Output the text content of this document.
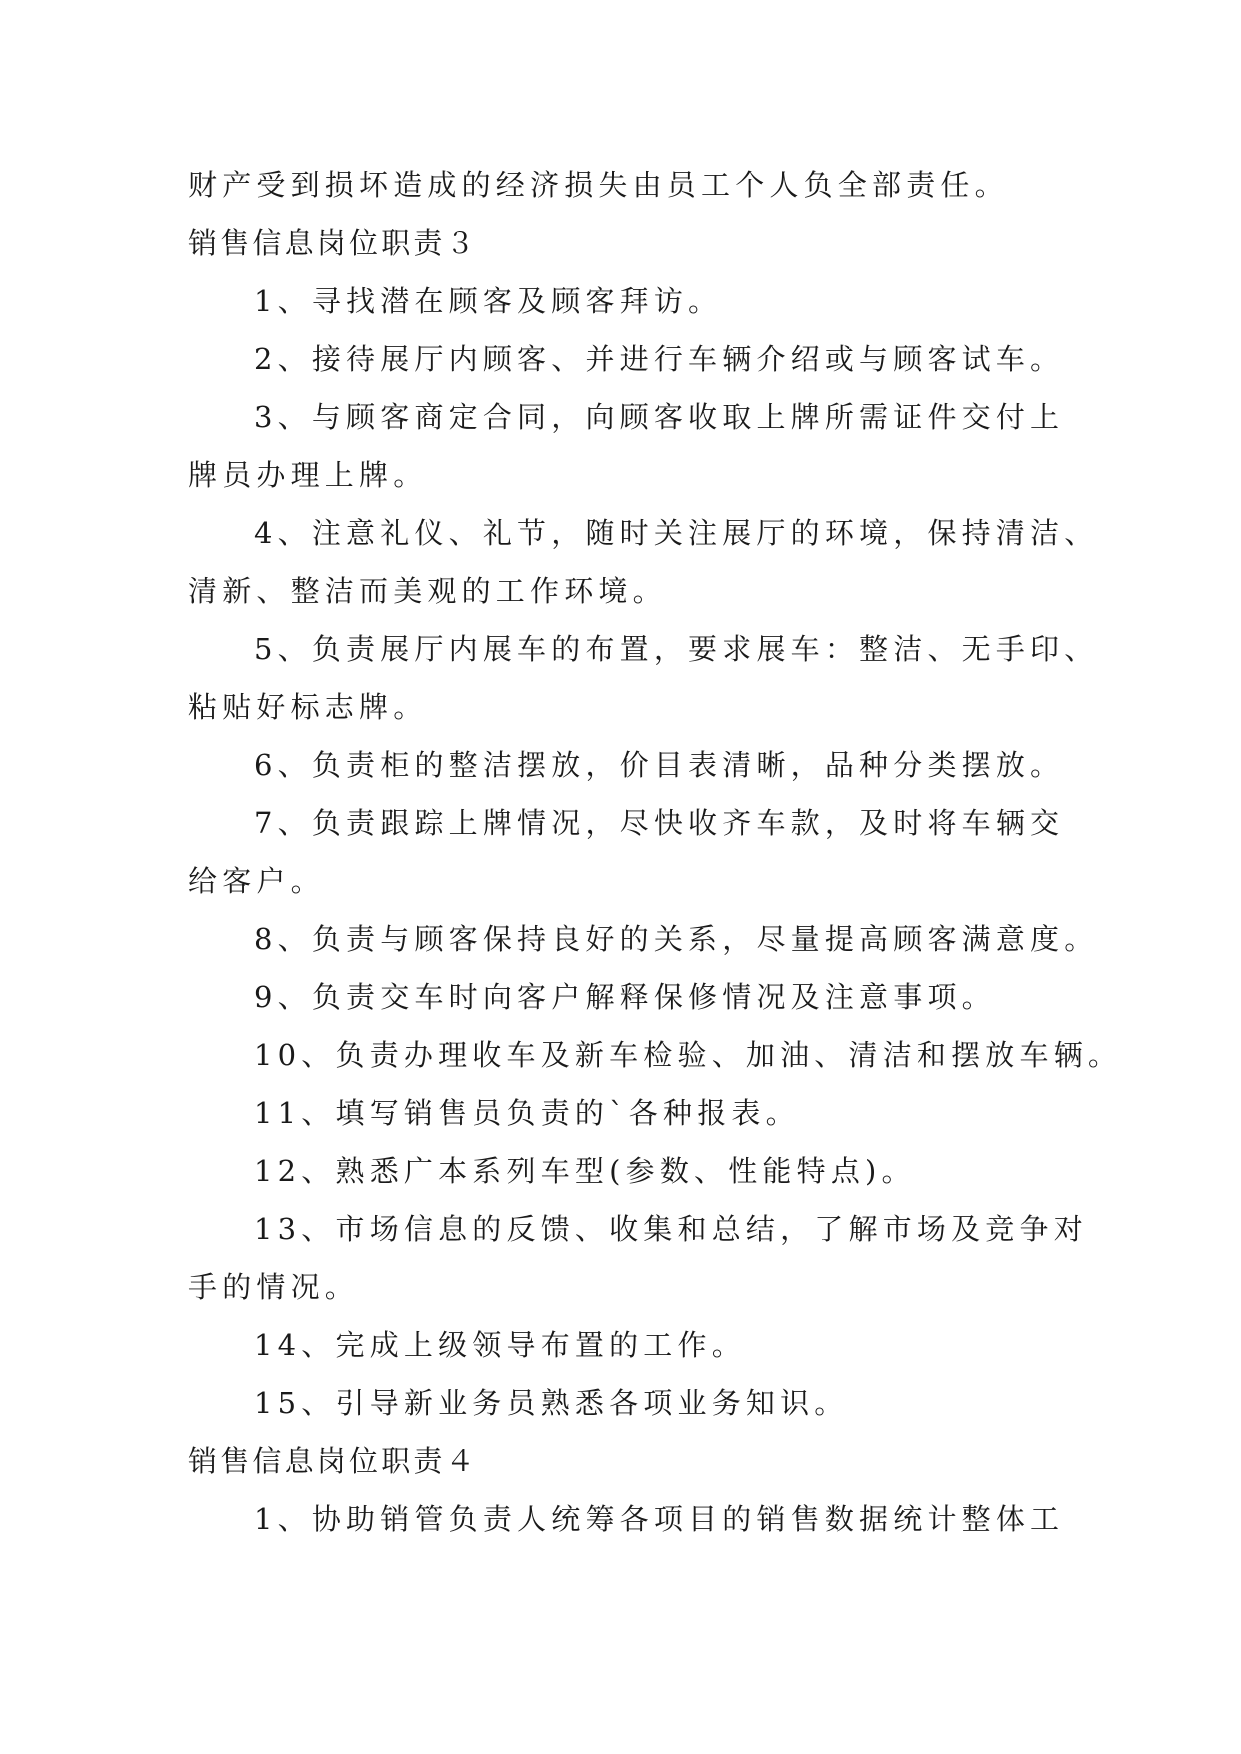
财产受到损坏造成的经济损失由员工个人负全部责任。
销售信息岗位职责３
1、寻找潜在顾客及顾客拜访。
2、接待展厅内顾客、并进行车辆介绍或与顾客试车。
3、与顾客商定合同，向顾客收取上牌所需证件交付上
牌员办理上牌。
4、注意礼仪、礼节，随时关注展厅的环境，保持清洁、
清新、整洁而美观的工作环境。
5、负责展厅内展车的布置，要求展车：整洁、无手印、
粘贴好标志牌。
6、负责柜的整洁摆放，价目表清晰，品种分类摆放。
7、负责跟踪上牌情况，尽快收齐车款，及时将车辆交
给客户。
8、负责与顾客保持良好的关系，尽量提高顾客满意度。
9、负责交车时向客户解释保修情况及注意事项。
10、负责办理收车及新车检验、加油、清洁和摆放车辆。
11、填写销售员负责的`各种报表。
12、熟悉广本系列车型(参数、性能特点)。
13、市场信息的反馈、收集和总结，了解市场及竞争对
手的情况。
14、完成上级领导布置的工作。
15、引导新业务员熟悉各项业务知识。
销售信息岗位职责４
1、协助销管负责人统筹各项目的销售数据统计整体工
